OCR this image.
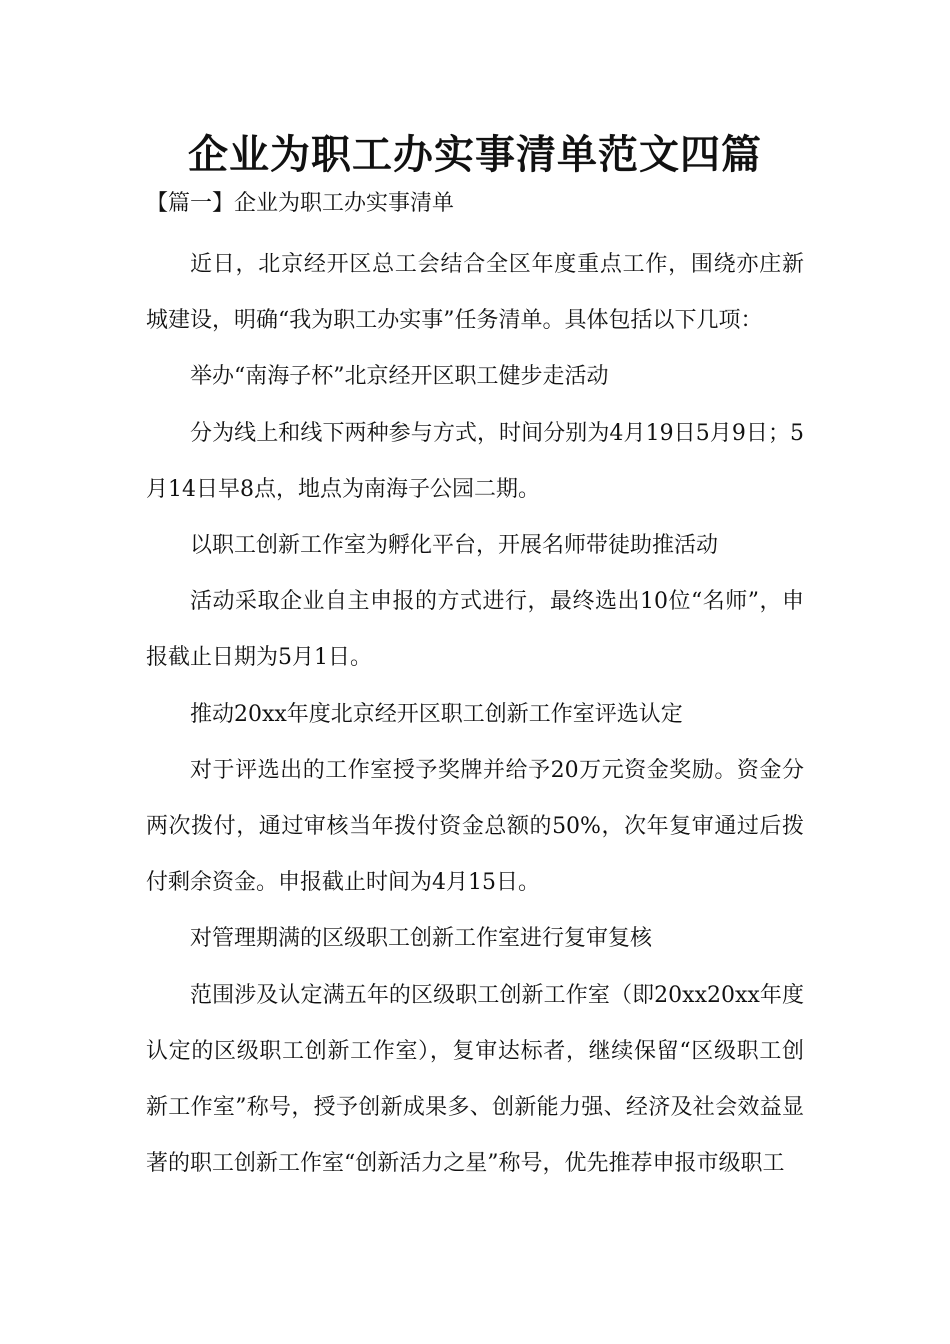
企业为职工办实事清单范文四篇
【篇一】企业为职工办实事清单

近日，北京经开区总工会结合全区年度重点工作，围绕亦庄新城建设，明确“我为职工办实事”任务清单。具体包括以下几项：

举办“南海子杯”北京经开区职工健步走活动

分为线上和线下两种参与方式，时间分别为4月19日5月9日；5月14日早8点，地点为南海子公园二期。

以职工创新工作室为孵化平台，开展名师带徒助推活动

活动采取企业自主申报的方式进行，最终选出10位“名师”，申报截止日期为5月1日。

推动20xx年度北京经开区职工创新工作室评选认定

对于评选出的工作室授予奖牌并给予20万元资金奖励。资金分两次拨付，通过审核当年拨付资金总额的50%，次年复审通过后拨付剩余资金。申报截止时间为4月15日。

对管理期满的区级职工创新工作室进行复审复核

范围涉及认定满五年的区级职工创新工作室（即20xx20xx年度认定的区级职工创新工作室），复审达标者，继续保留“区级职工创新工作室”称号，授予创新成果多、创新能力强、经济及社会效益显著的职工创新工作室“创新活力之星”称号，优先推荐申报市级职工
